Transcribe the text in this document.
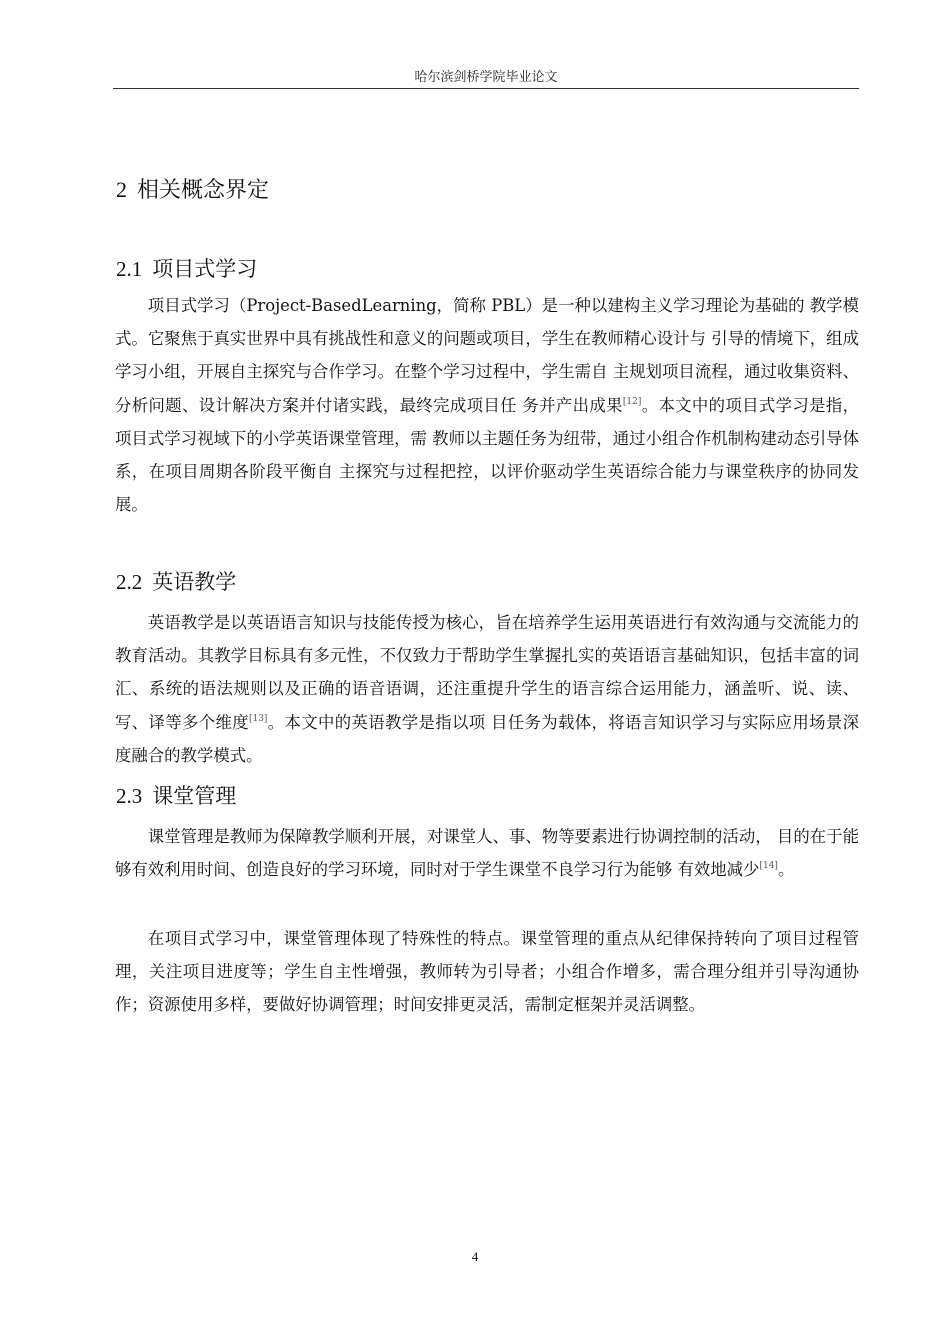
哈尔滨剑桥学院毕业论文
2 相关概念界定
2.1 项目式学习

项目式学习（Project-BasedLearning，简称 PBL）是一种以建构主义学习理论为基础的 教学模式。它聚焦于真实世界中具有挑战性和意义的问题或项目，学生在教师精心设计与 引导的情境下，组成学习小组，开展自主探究与合作学习。在整个学习过程中，学生需自 主规划项目流程，通过收集资料、分析问题、设计解决方案并付诸实践，最终完成项目任 务并产出成果[12]。本文中的项目式学习是指，项目式学习视域下的小学英语课堂管理，需 教师以主题任务为纽带，通过小组合作机制构建动态引导体系，在项目周期各阶段平衡自 主探究与过程把控，以评价驱动学生英语综合能力与课堂秩序的协同发展。

2.2 英语教学

英语教学是以英语语言知识与技能传授为核心，旨在培养学生运用英语进行有效沟通与交流能力的教育活动。其教学目标具有多元性，不仅致力于帮助学生掌握扎实的英语语言基础知识，包括丰富的词汇、系统的语法规则以及正确的语音语调，还注重提升学生的语言综合运用能力，涵盖听、说、读、写、译等多个维度[13]。本文中的英语教学是指以项 目任务为载体，将语言知识学习与实际应用场景深度融合的教学模式。

2.3 课堂管理

课堂管理是教师为保障教学顺利开展，对课堂人、事、物等要素进行协调控制的活动， 目的在于能够有效利用时间、创造良好的学习环境，同时对于学生课堂不良学习行为能够 有效地减少[14]。

在项目式学习中，课堂管理体现了特殊性的特点。课堂管理的重点从纪律保持转向了项目过程管理，关注项目进度等；学生自主性增强，教师转为引导者；小组合作增多，需合理分组并引导沟通协作；资源使用多样，要做好协调管理；时间安排更灵活，需制定框架并灵活调整。

4
